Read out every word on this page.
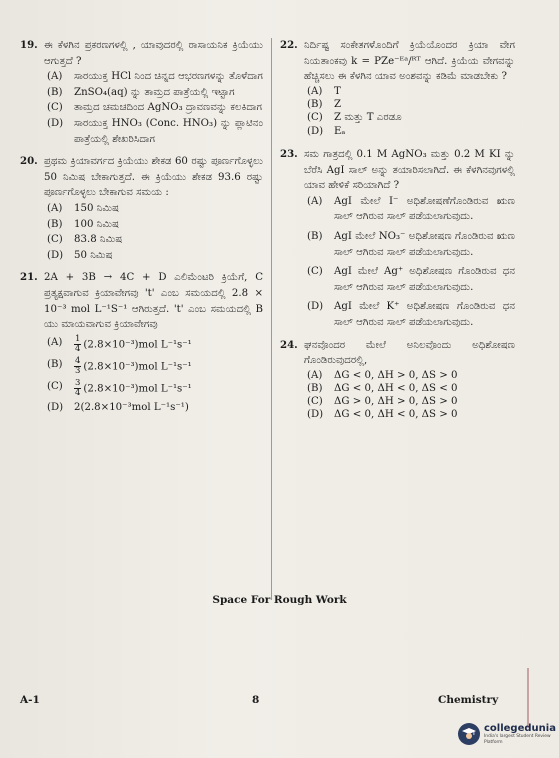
19. ಈ ಕೆಳಗಿನ ಪ್ರಕರಣಗಳಲ್ಲಿ , ಯಾವುದರಲ್ಲಿ ರಾಸಾಯನಿಕ ಕ್ರಿಯೆಯು ಆಗುತ್ತದೆ ?
(A)	ಸಾರಯುಕ್ತ HCl ನಿಂದ ಚಿನ್ನದ ಆಭರಣಗಳನ್ನು ತೊಳೆದಾಗ
(B)	ZnSO₄(aq) ನ್ನು ತಾಮ್ರದ ಪಾತ್ರೆಯಲ್ಲಿ ಇಟ್ಟಾಗ
(C)	ತಾಮ್ರದ ಚಮಚದಿಂದ AgNO₃ ದ್ರಾವಣವನ್ನು ಕಲಕಿದಾಗ
(D)	ಸಾರಯುಕ್ತ HNO₃ (Conc. HNO₃) ನ್ನು ಪ್ಲಾಟಿನಂ ಪಾತ್ರೆಯಲ್ಲಿ ಶೇಖರಿಸಿದಾಗ
20. ಪ್ರಥಮ ಕ್ರಿಯಾವರ್ಗದ ಕ್ರಿಯೆಯು ಶೇಕಡ 60 ರಷ್ಟು ಪೂರ್ಣಗೊಳ್ಳಲು 50 ನಿಮಿಷ ಬೇಕಾಗುತ್ತದೆ. ಈ ಕ್ರಿಯೆಯು ಶೇಕಡ 93.6 ರಷ್ಟು ಪೂರ್ಣಗೊಳ್ಳಲು ಬೇಕಾಗುವ ಸಮಯ :
(A)	150 ನಿಮಿಷ
(B)	100 ನಿಮಿಷ
(C)	83.8 ನಿಮಿಷ
(D)	50 ನಿಮಿಷ
21. 2A + 3B → 4C + D ಎಲಿಮೆಂಟರಿ ಕ್ರಿಯೆಗೆ, C ಪ್ರತ್ಯಕ್ಷವಾಗುವ ಕ್ರಿಯಾವೇಗವು 't' ಎಂಬ ಸಮಯದಲ್ಲಿ 2.8 × 10⁻³ mol L⁻¹S⁻¹ ಆಗಿರುತ್ತದೆ. 't' ಎಂಬ ಸಮಯದಲ್ಲಿ B ಯು ಮಾಯವಾಗುವ ಕ್ರಿಯಾವೇಗವು
(A)	$\frac{1}{4} (2.8\times 10^{-3})mol$ L⁻¹s⁻¹
(B)	$\frac{4}{3} (2.8\times 10^{-3})mol$ L⁻¹s⁻¹
(C)	$\frac{3}{4} (2.8\times 10^{-3})mol$ L⁻¹s⁻¹
(D)	2(2.8×10⁻³mol L⁻¹s⁻¹)
22. ನಿರ್ದಿಷ್ಟ ಸಂಕೇತಗಳೊಂದಿಗೆ ಕ್ರಿಯೆಯೊಂದರ ಕ್ರಿಯಾ ವೇಗ ನಿಯತಾಂಕವು k = PZe⁻ᴱᵃ/ᴿᵀ ಆಗಿದೆ. ಕ್ರಿಯೆಯ ವೇಗವನ್ನು ಹೆಚ್ಚಿಸಲು ಈ ಕೆಳಗಿನ ಯಾವ ಅಂಶವನ್ನು ಕಡಿಮೆ ಮಾಡಬೇಕು ?
(A)	T
(B)	Z
(C)	Z ಮತ್ತು T ಎರಡೂ
(D)	Eₐ
23. ಸಮ ಗಾತ್ರದಲ್ಲಿ 0.1 M AgNO₃ ಮತ್ತು 0.2 M KI ನ್ನು ಬೆರೆಸಿ AgI ಸಾಲ್ ಅನ್ನು ತಯಾರಿಸಲಾಗಿದೆ. ಈ ಕೆಳಗಿನವುಗಳಲ್ಲಿ ಯಾವ ಹೇಳಿಕೆ ಸರಿಯಾಗಿದೆ ?
(A)	AgI ಮೇಲೆ I⁻ ಅಧಿಶೋಷಣೆಗೊಂಡಿರುವ ಋಣ ಸಾಲ್ ಆಗಿರುವ ಸಾಲ್ ಪಡೆಯಲಾಗುವುದು.
(B)	AgI ಮೇಲೆ NO₃⁻ ಅಧಿಶೋಷಣ ಗೊಂಡಿರುವ ಋಣ ಸಾಲ್ ಆಗಿರುವ ಸಾಲ್ ಪಡೆಯಲಾಗುವುದು.
(C)	AgI ಮೇಲೆ Ag⁺ ಅಧಿಶೋಷಣ ಗೊಂಡಿರುವ ಧನ ಸಾಲ್ ಆಗಿರುವ ಸಾಲ್ ಪಡೆಯಲಾಗುವುದು.
(D)	AgI ಮೇಲೆ K⁺ ಅಧಿಶೋಷಣ ಗೊಂಡಿರುವ ಧನ ಸಾಲ್ ಆಗಿರುವ ಸಾಲ್ ಪಡೆಯಲಾಗುವುದು.
24. ಘನವೊಂದರ ಮೇಲೆ ಅನಿಲವೊಂದು ಅಧಿಶೋಷಣ ಗೊಂಡಿರುವುದರಲ್ಲಿ,
(A)	ΔG < 0, ΔH > 0, ΔS > 0
(B)	ΔG < 0, ΔH < 0, ΔS < 0
(C)	ΔG > 0, ΔH > 0, ΔS > 0
(D)	ΔG < 0, ΔH < 0, ΔS > 0
Space For Rough Work
A-1	8	Chemistry
collegedunia
India's largest Student Review Platform
